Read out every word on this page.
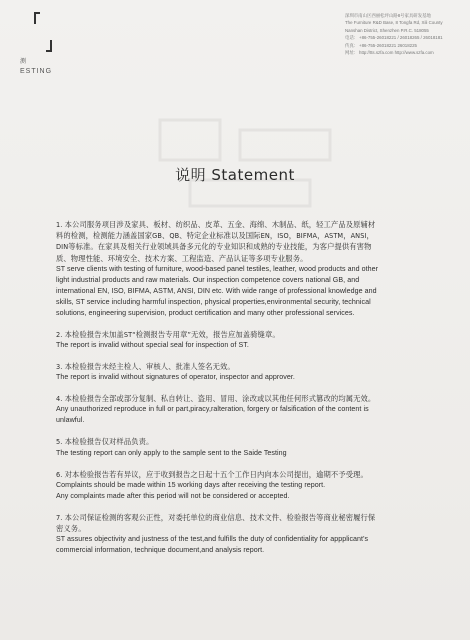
测
ESTING
深圳市南山区西丽松坪山路8号家具研发基地
The Furniture R&D Base, 8 Tongfa Rd, Xili County
Nanshan District, Shenzhen P.R.C. 518055
电话: +86-755-26018221 / 26018265 / 26018181
传真: +86-755-26018221 26018225
网址: http://tts.szfa.com http://www.szfa.com
说明 Statement
1. 本公司服务项目涉及家具、板材、纺织品、皮革、五金、海绵、木制品、纸，轻工产品及原辅材料的检测，检测能力涵盖国家GB、QB、特定企业标准以及国际EN，ISO，BIFMA，ASTM，ANSI，DIN等标准。在家具及相关行业领域具备多元化的专业知识和成熟的专业技能，为客户提供有害物质、物理性能、环境安全、技术方案、工程监造、产品认证等多项专业服务。
ST serve clients with testing of furniture, wood-based panel testiles, leather, wood products and other light industrial products and raw materials. Our inspection competence covers national GB, and international EN, ISO, BIFMA, ASTM, ANSI, DIN etc. With wide range of professional knowledge and skills, ST service including harmful inspection, physical properties,environmental security, technical solutions, engineering supervision, product certification and many other professional services.
2. 本检验报告未加盖ST“检测报告专用章”无效，报告应加盖骑缝章。
The report is invalid without special seal for inspection of ST.
3. 本检验报告未经主检人、审核人、批准人签名无效。
The report is invalid without signatures of operator, inspector and approver.
4. 本检验报告全部或部分复制、私自转让、盗用、冒用、涂改或以其他任何形式篡改的均属无效。
Any unauthorized reproduce in full or part,piracy,ralteration, forgery or falsification of the content is unlawful.
5. 本检验报告仅对样品负责。
The testing report can only apply to the sample sent to the Saide Testing
6. 对本检验报告若有异议，应于收到报告之日起十五个工作日内向本公司提出，逾期不予受理。
Complaints should be made within 15 working days after receiving the testing report.
Any complaints made after this period will not be considered or accepted.
7. 本公司保证检测的客观公正性，对委托单位的商业信息、技术文件、检验报告等商业秘密履行保密义务。
ST assures objectivity and justness of the test,and fulfills the duty of confidentiality for appplicant's commercial information, technique document,and analysis report.
